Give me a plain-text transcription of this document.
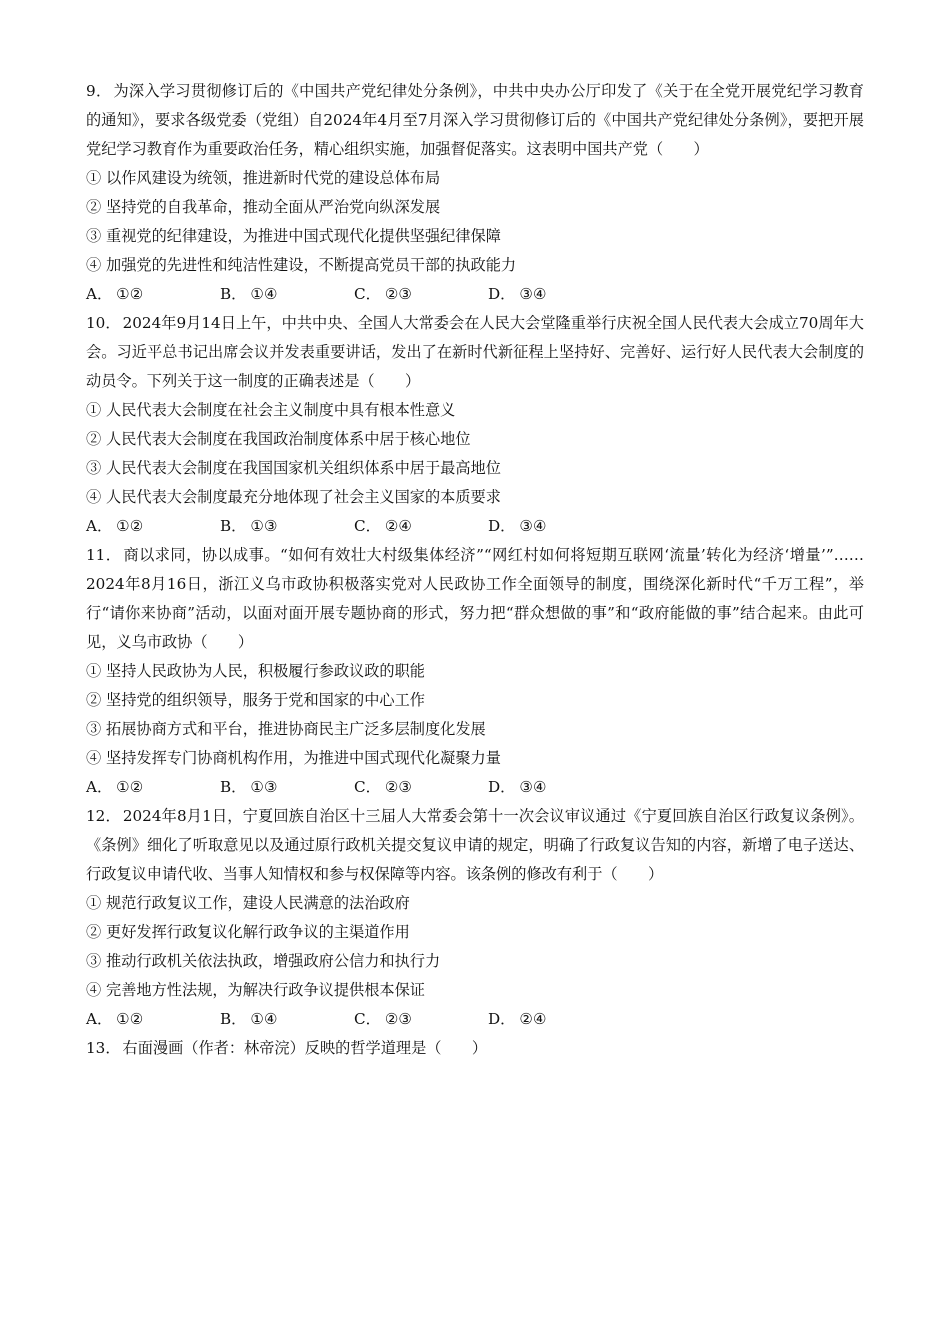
9． 为深入学习贯彻修订后的《中国共产党纪律处分条例》，中共中央办公厅印发了《关于在全党开展党纪学习教育的通知》，要求各级党委（党组）自2024年4月至7月深入学习贯彻修订后的《中国共产党纪律处分条例》，要把开展党纪学习教育作为重要政治任务，精心组织实施，加强督促落实。这表明中国共产党（　　）
① 以作风建设为统领，推进新时代党的建设总体布局
② 坚持党的自我革命，推动全面从严治党向纵深发展
③ 重视党的纪律建设，为推进中国式现代化提供坚强纪律保障
④ 加强党的先进性和纯洁性建设，不断提高党员干部的执政能力
A． ①②	B． ①④	C． ②③	D． ③④
10． 2024年9月14日上午，中共中央、全国人大常委会在人民大会堂隆重举行庆祝全国人民代表大会成立70周年大会。习近平总书记出席会议并发表重要讲话，发出了在新时代新征程上坚持好、完善好、运行好人民代表大会制度的动员令。下列关于这一制度的正确表述是（　　）
① 人民代表大会制度在社会主义制度中具有根本性意义
② 人民代表大会制度在我国政治制度体系中居于核心地位
③ 人民代表大会制度在我国国家机关组织体系中居于最高地位
④ 人民代表大会制度最充分地体现了社会主义国家的本质要求
A． ①②	B． ①③	C． ②④	D． ③④
11． 商以求同，协以成事。“如何有效壮大村级集体经济”“网红村如何将短期互联网‘流量’转化为经济‘增量’”……2024年8月16日，浙江义乌市政协积极落实党对人民政协工作全面领导的制度，围绕深化新时代“千万工程”，举行“请你来协商”活动，以面对面开展专题协商的形式，努力把“群众想做的事”和“政府能做的事”结合起来。由此可见，义乌市政协（　　）
① 坚持人民政协为人民，积极履行参政议政的职能
② 坚持党的组织领导，服务于党和国家的中心工作
③ 拓展协商方式和平台，推进协商民主广泛多层制度化发展
④ 坚持发挥专门协商机构作用，为推进中国式现代化凝聚力量
A． ①②	B． ①③	C． ②③	D． ③④
12． 2024年8月1日，宁夏回族自治区十三届人大常委会第十一次会议审议通过《宁夏回族自治区行政复议条例》。《条例》细化了听取意见以及通过原行政机关提交复议申请的规定，明确了行政复议告知的内容，新增了电子送达、行政复议申请代收、当事人知情权和参与权保障等内容。该条例的修改有利于（　　）
① 规范行政复议工作，建设人民满意的法治政府
② 更好发挥行政复议化解行政争议的主渠道作用
③ 推动行政机关依法执政，增强政府公信力和执行力
④ 完善地方性法规，为解决行政争议提供根本保证
A． ①②	B． ①④	C． ②③	D． ②④
13． 右面漫画（作者：林帝浣）反映的哲学道理是（　　）
